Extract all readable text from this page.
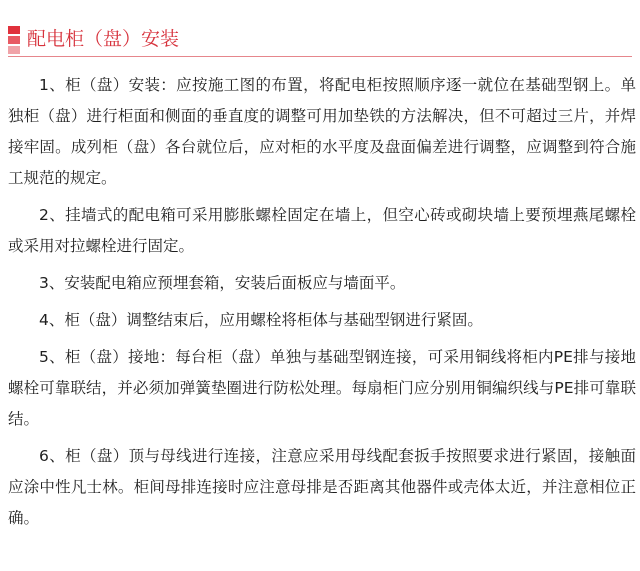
配电柜（盘）安装

1、柜（盘）安装：应按施工图的布置，将配电柜按照顺序逐一就位在基础型钢上。单独柜（盘）进行柜面和侧面的垂直度的调整可用加垫铁的方法解决，但不可超过三片，并焊接牢固。成列柜（盘）各台就位后，应对柜的水平度及盘面偏差进行调整，应调整到符合施工规范的规定。

2、挂墙式的配电箱可采用膨胀螺栓固定在墙上，但空心砖或砌块墙上要预埋燕尾螺栓或采用对拉螺栓进行固定。

3、安装配电箱应预埋套箱，安装后面板应与墙面平。

4、柜（盘）调整结束后，应用螺栓将柜体与基础型钢进行紧固。

5、柜（盘）接地：每台柜（盘）单独与基础型钢连接，可采用铜线将柜内PE排与接地螺栓可靠联结，并必须加弹簧垫圈进行防松处理。每扇柜门应分别用铜编织线与PE排可靠联结。

6、柜（盘）顶与母线进行连接，注意应采用母线配套扳手按照要求进行紧固，接触面应涂中性凡士林。柜间母排连接时应注意母排是否距离其他器件或壳体太近，并注意相位正确。
